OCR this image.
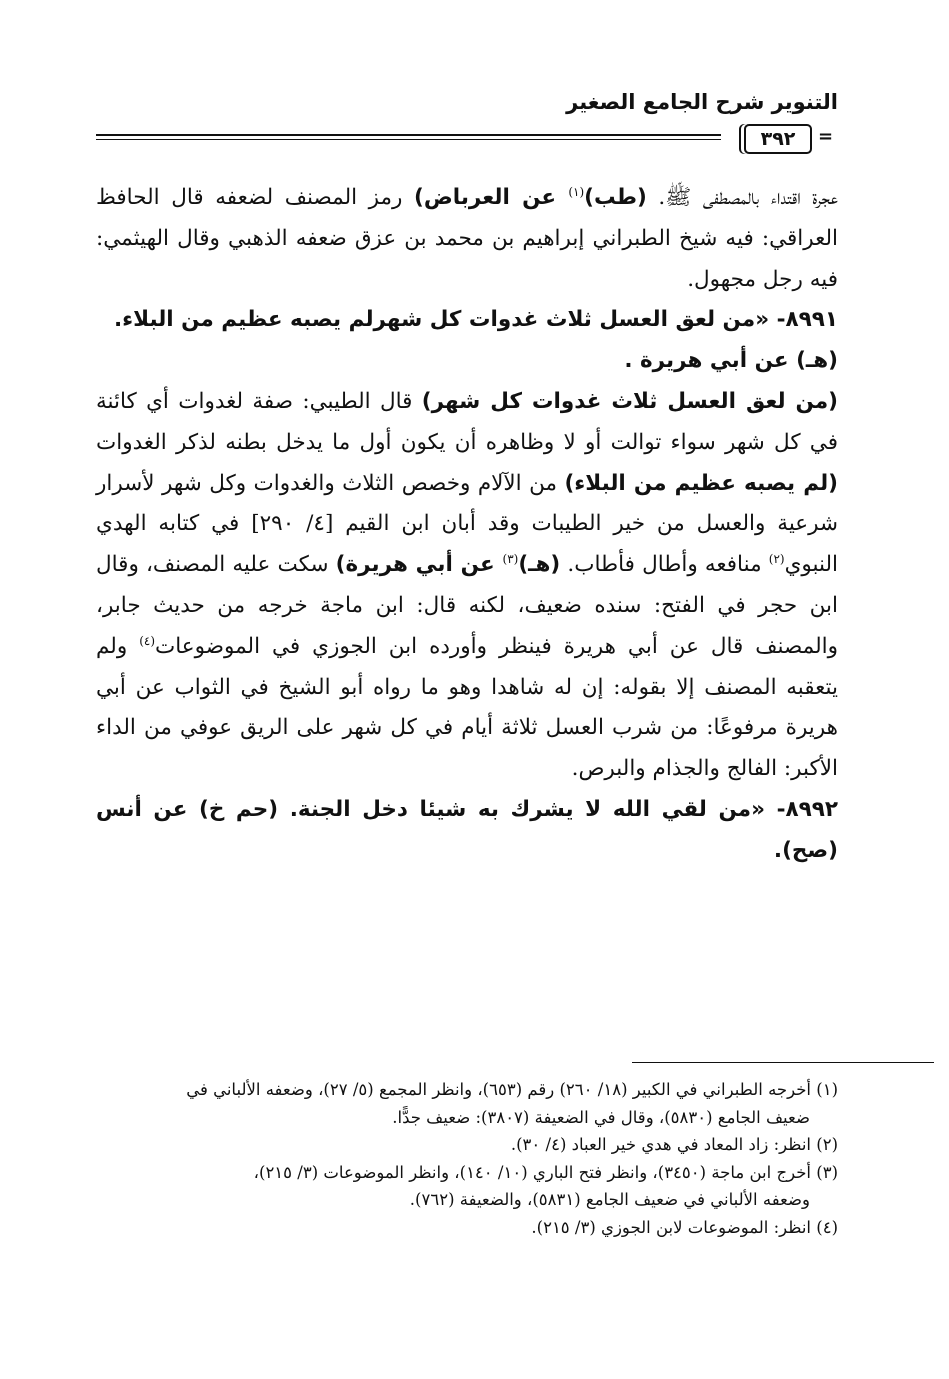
التنوير شرح الجامع الصغير
٣٩٢	=

عجرة اقتداء بالمصطفى ﷺ. (طب)$^{(١)}$ عن العرباض) رمز المصنف لضعفه قال الحافظ العراقي: فيه شيخ الطبراني إبراهيم بن محمد بن عزق ضعفه الذهبي وقال الهيثمي: فيه رجل مجهول.

٨٩٩١- «من لعق العسل ثلاث غدوات كل شهرلم يصبه عظيم من البلاء.
(هـ) عن أبي هريرة .

(من لعق العسل ثلاث غدوات كل شهر) قال الطيبي: صفة لغدوات أي كائنة في كل شهر سواء توالت أو لا وظاهره أن يكون أول ما يدخل بطنه لذكر الغدوات (لم يصبه عظيم من البلاء) من الآلام وخصص الثلاث والغدوات وكل شهر لأسرار شرعية والعسل من خير الطيبات وقد أبان ابن القيم [٤/ ٢٩٠] في كتابه الهدي النبوي$^{(٢)}$ منافعه وأطال فأطاب. (هـ)$^{(٣)}$ عن أبي هريرة) سكت عليه المصنف، وقال ابن حجر في الفتح: سنده ضعيف، لكنه قال: ابن ماجة خرجه من حديث جابر، والمصنف قال عن أبي هريرة فينظر وأورده ابن الجوزي في الموضوعات$^{(٤)}$ ولم يتعقبه المصنف إلا بقوله: إن له شاهدا وهو ما رواه أبو الشيخ في الثواب عن أبي هريرة مرفوعًا: من شرب العسل ثلاثة أيام في كل شهر على الريق عوفي من الداء الأكبر: الفالج والجذام والبرص.

٨٩٩٢- «من لقي الله لا يشرك به شيئا دخل الجنة. (حم خ) عن أنس (صح).

(١) أخرجه الطبراني في الكبير (١٨/ ٢٦٠) رقم (٦٥٣)، وانظر المجمع (٥/ ٢٧)، وضعفه الألباني في
ضعيف الجامع (٥٨٣٠)، وقال في الضعيفة (٣٨٠٧): ضعيف جدًّا.

(٢) انظر: زاد المعاد في هدي خير العباد (٤/ ٣٠).

(٣) أخرج ابن ماجة (٣٤٥٠)، وانظر فتح الباري (١٠/ ١٤٠)، وانظر الموضوعات (٣/ ٢١٥)،
وضعفه الألباني في ضعيف الجامع (٥٨٣١)، والضعيفة (٧٦٢).

(٤) انظر: الموضوعات لابن الجوزي (٣/ ٢١٥).
